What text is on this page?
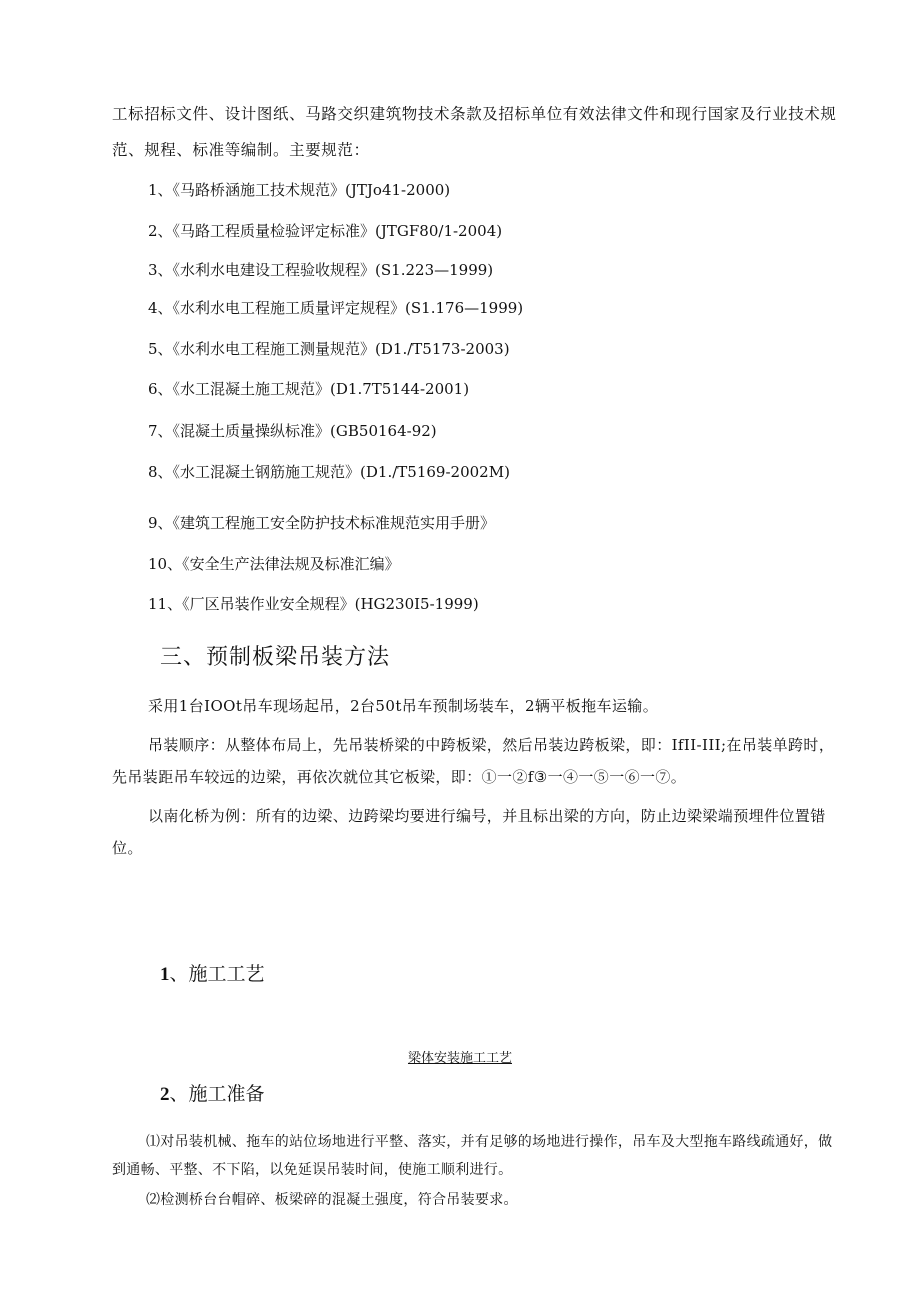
工标招标文件、设计图纸、马路交织建筑物技术条款及招标单位有效法律文件和现行国家及行业技术规范、规程、标准等编制。主要规范：
1、《马路桥涵施工技术规范》(JTJo41-2000)
2、《马路工程质量检验评定标准》(JTGF80/1-2004)
3、《水利水电建设工程验收规程》(S1.223—1999)
4、《水利水电工程施工质量评定规程》(S1.176—1999)
5、《水利水电工程施工测量规范》(D1./T5173-2003)
6、《水工混凝土施工规范》(D1.7T5144-2001)
7、《混凝土质量操纵标准》(GB50164-92)
8、《水工混凝土钢筋施工规范》(D1./T5169-2002M)
9、《建筑工程施工安全防护技术标准规范实用手册》
10、《安全生产法律法规及标准汇编》
11、《厂区吊装作业安全规程》(HG230I5-1999)
三、预制板梁吊装方法
采用1台IOOt吊车现场起吊，2台50t吊车预制场装车，2辆平板拖车运输。
吊装顺序：从整体布局上，先吊装桥梁的中跨板梁，然后吊装边跨板梁，即：IfII-III;在吊装单跨时，先吊装距吊车较远的边梁，再依次就位其它板梁，即：①一②f③一④一⑤一⑥一⑦。
以南化桥为例：所有的边梁、边跨梁均要进行编号，并且标出梁的方向，防止边梁梁端预埋件位置错位。
1、施工工艺
梁体安装施工工艺
2、施工准备
⑴对吊装机械、拖车的站位场地进行平整、落实，并有足够的场地进行操作，吊车及大型拖车路线疏通好，做到通畅、平整、不下陷，以免延误吊装时间，使施工顺利进行。
⑵检测桥台台帽碎、板梁碎的混凝土强度，符合吊装要求。
